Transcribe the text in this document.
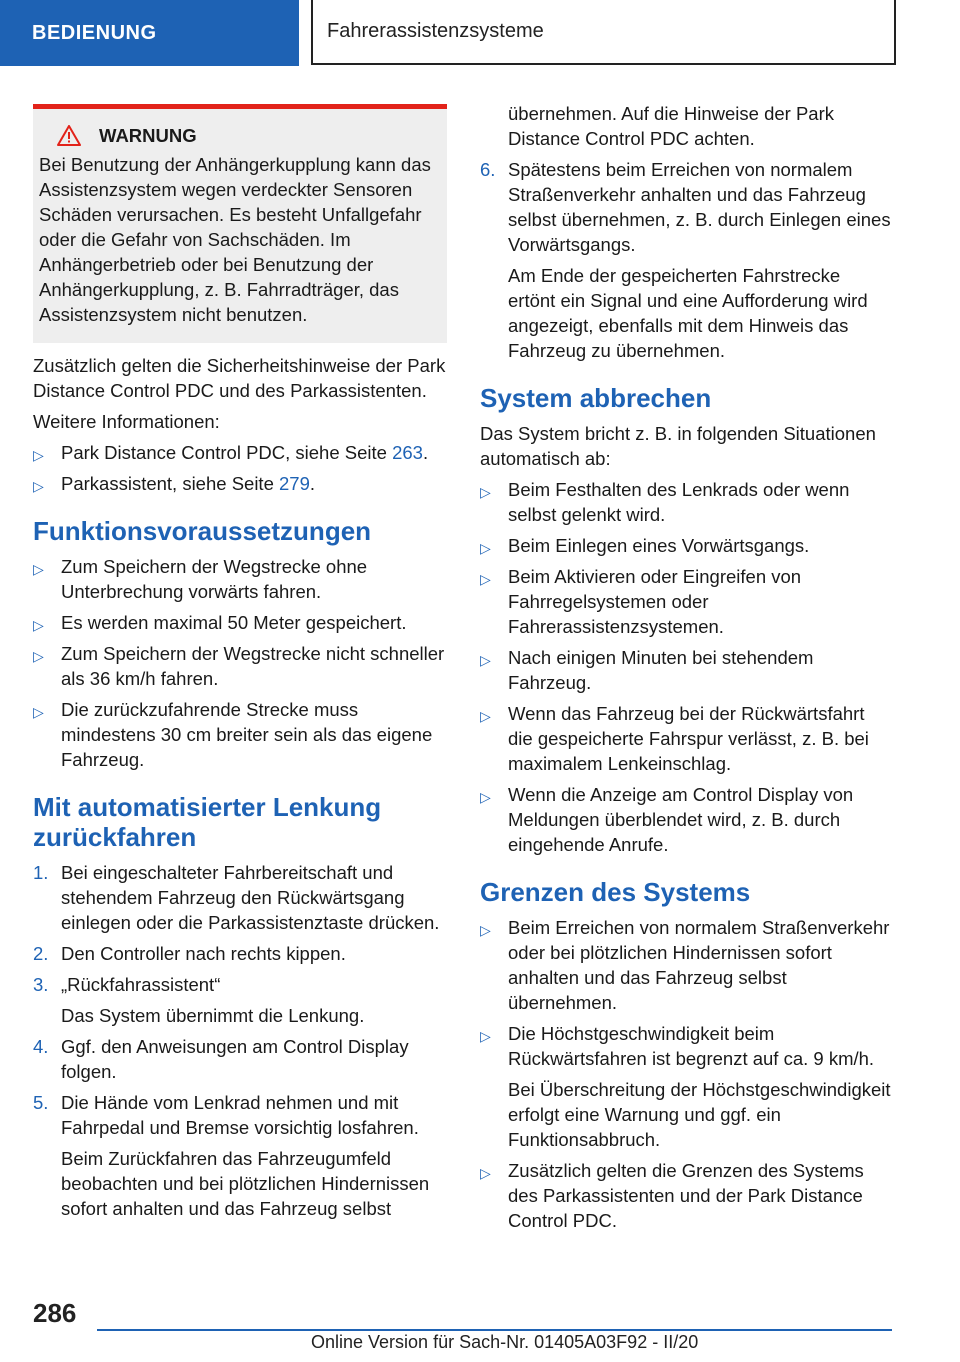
BEDIENUNG	Fahrerassistenzsysteme
WARNUNG
Bei Benutzung der Anhängerkupplung kann das Assistenzsystem wegen verdeckter Sensoren Schäden verursachen. Es besteht Unfallgefahr oder die Gefahr von Sachschäden. Im Anhängerbetrieb oder bei Benutzung der Anhängerkupplung, z. B. Fahrradträger, das Assistenzsystem nicht benutzen.
Zusätzlich gelten die Sicherheitshinweise der Park Distance Control PDC und des Parkassistenten.
Weitere Informationen:
▷ Park Distance Control PDC, siehe Seite 263.
▷ Parkassistent, siehe Seite 279.
Funktionsvoraussetzungen
▷ Zum Speichern der Wegstrecke ohne Unterbrechung vorwärts fahren.
▷ Es werden maximal 50 Meter gespeichert.
▷ Zum Speichern der Wegstrecke nicht schneller als 36 km/h fahren.
▷ Die zurückzufahrende Strecke muss mindestens 30 cm breiter sein als das eigene Fahrzeug.
Mit automatisierter Lenkung zurückfahren
1. Bei eingeschalteter Fahrbereitschaft und stehendem Fahrzeug den Rückwärtsgang einlegen oder die Parkassistenztaste drücken.
2. Den Controller nach rechts kippen.
3. „Rückfahrassistent“
Das System übernimmt die Lenkung.
4. Ggf. den Anweisungen am Control Display folgen.
5. Die Hände vom Lenkrad nehmen und mit Fahrpedal und Bremse vorsichtig losfahren.
Beim Zurückfahren das Fahrzeugumfeld beobachten und bei plötzlichen Hindernissen sofort anhalten und das Fahrzeug selbst
übernehmen. Auf die Hinweise der Park Distance Control PDC achten.
6. Spätestens beim Erreichen von normalem Straßenverkehr anhalten und das Fahrzeug selbst übernehmen, z. B. durch Einlegen eines Vorwärtsgangs.
Am Ende der gespeicherten Fahrstrecke ertönt ein Signal und eine Aufforderung wird angezeigt, ebenfalls mit dem Hinweis das Fahrzeug zu übernehmen.
System abbrechen
Das System bricht z. B. in folgenden Situationen automatisch ab:
▷ Beim Festhalten des Lenkrads oder wenn selbst gelenkt wird.
▷ Beim Einlegen eines Vorwärtsgangs.
▷ Beim Aktivieren oder Eingreifen von Fahrregelsystemen oder Fahrerassistenzsystemen.
▷ Nach einigen Minuten bei stehendem Fahrzeug.
▷ Wenn das Fahrzeug bei der Rückwärtsfahrt die gespeicherte Fahrspur verlässt, z. B. bei maximalem Lenkeinschlag.
▷ Wenn die Anzeige am Control Display von Meldungen überblendet wird, z. B. durch eingehende Anrufe.
Grenzen des Systems
▷ Beim Erreichen von normalem Straßenverkehr oder bei plötzlichen Hindernissen sofort anhalten und das Fahrzeug selbst übernehmen.
▷ Die Höchstgeschwindigkeit beim Rückwärtsfahren ist begrenzt auf ca. 9 km/h.
Bei Überschreitung der Höchstgeschwindigkeit erfolgt eine Warnung und ggf. ein Funktionsabbruch.
▷ Zusätzlich gelten die Grenzen des Systems des Parkassistenten und der Park Distance Control PDC.
286
Online Version für Sach-Nr. 01405A03F92 - II/20
